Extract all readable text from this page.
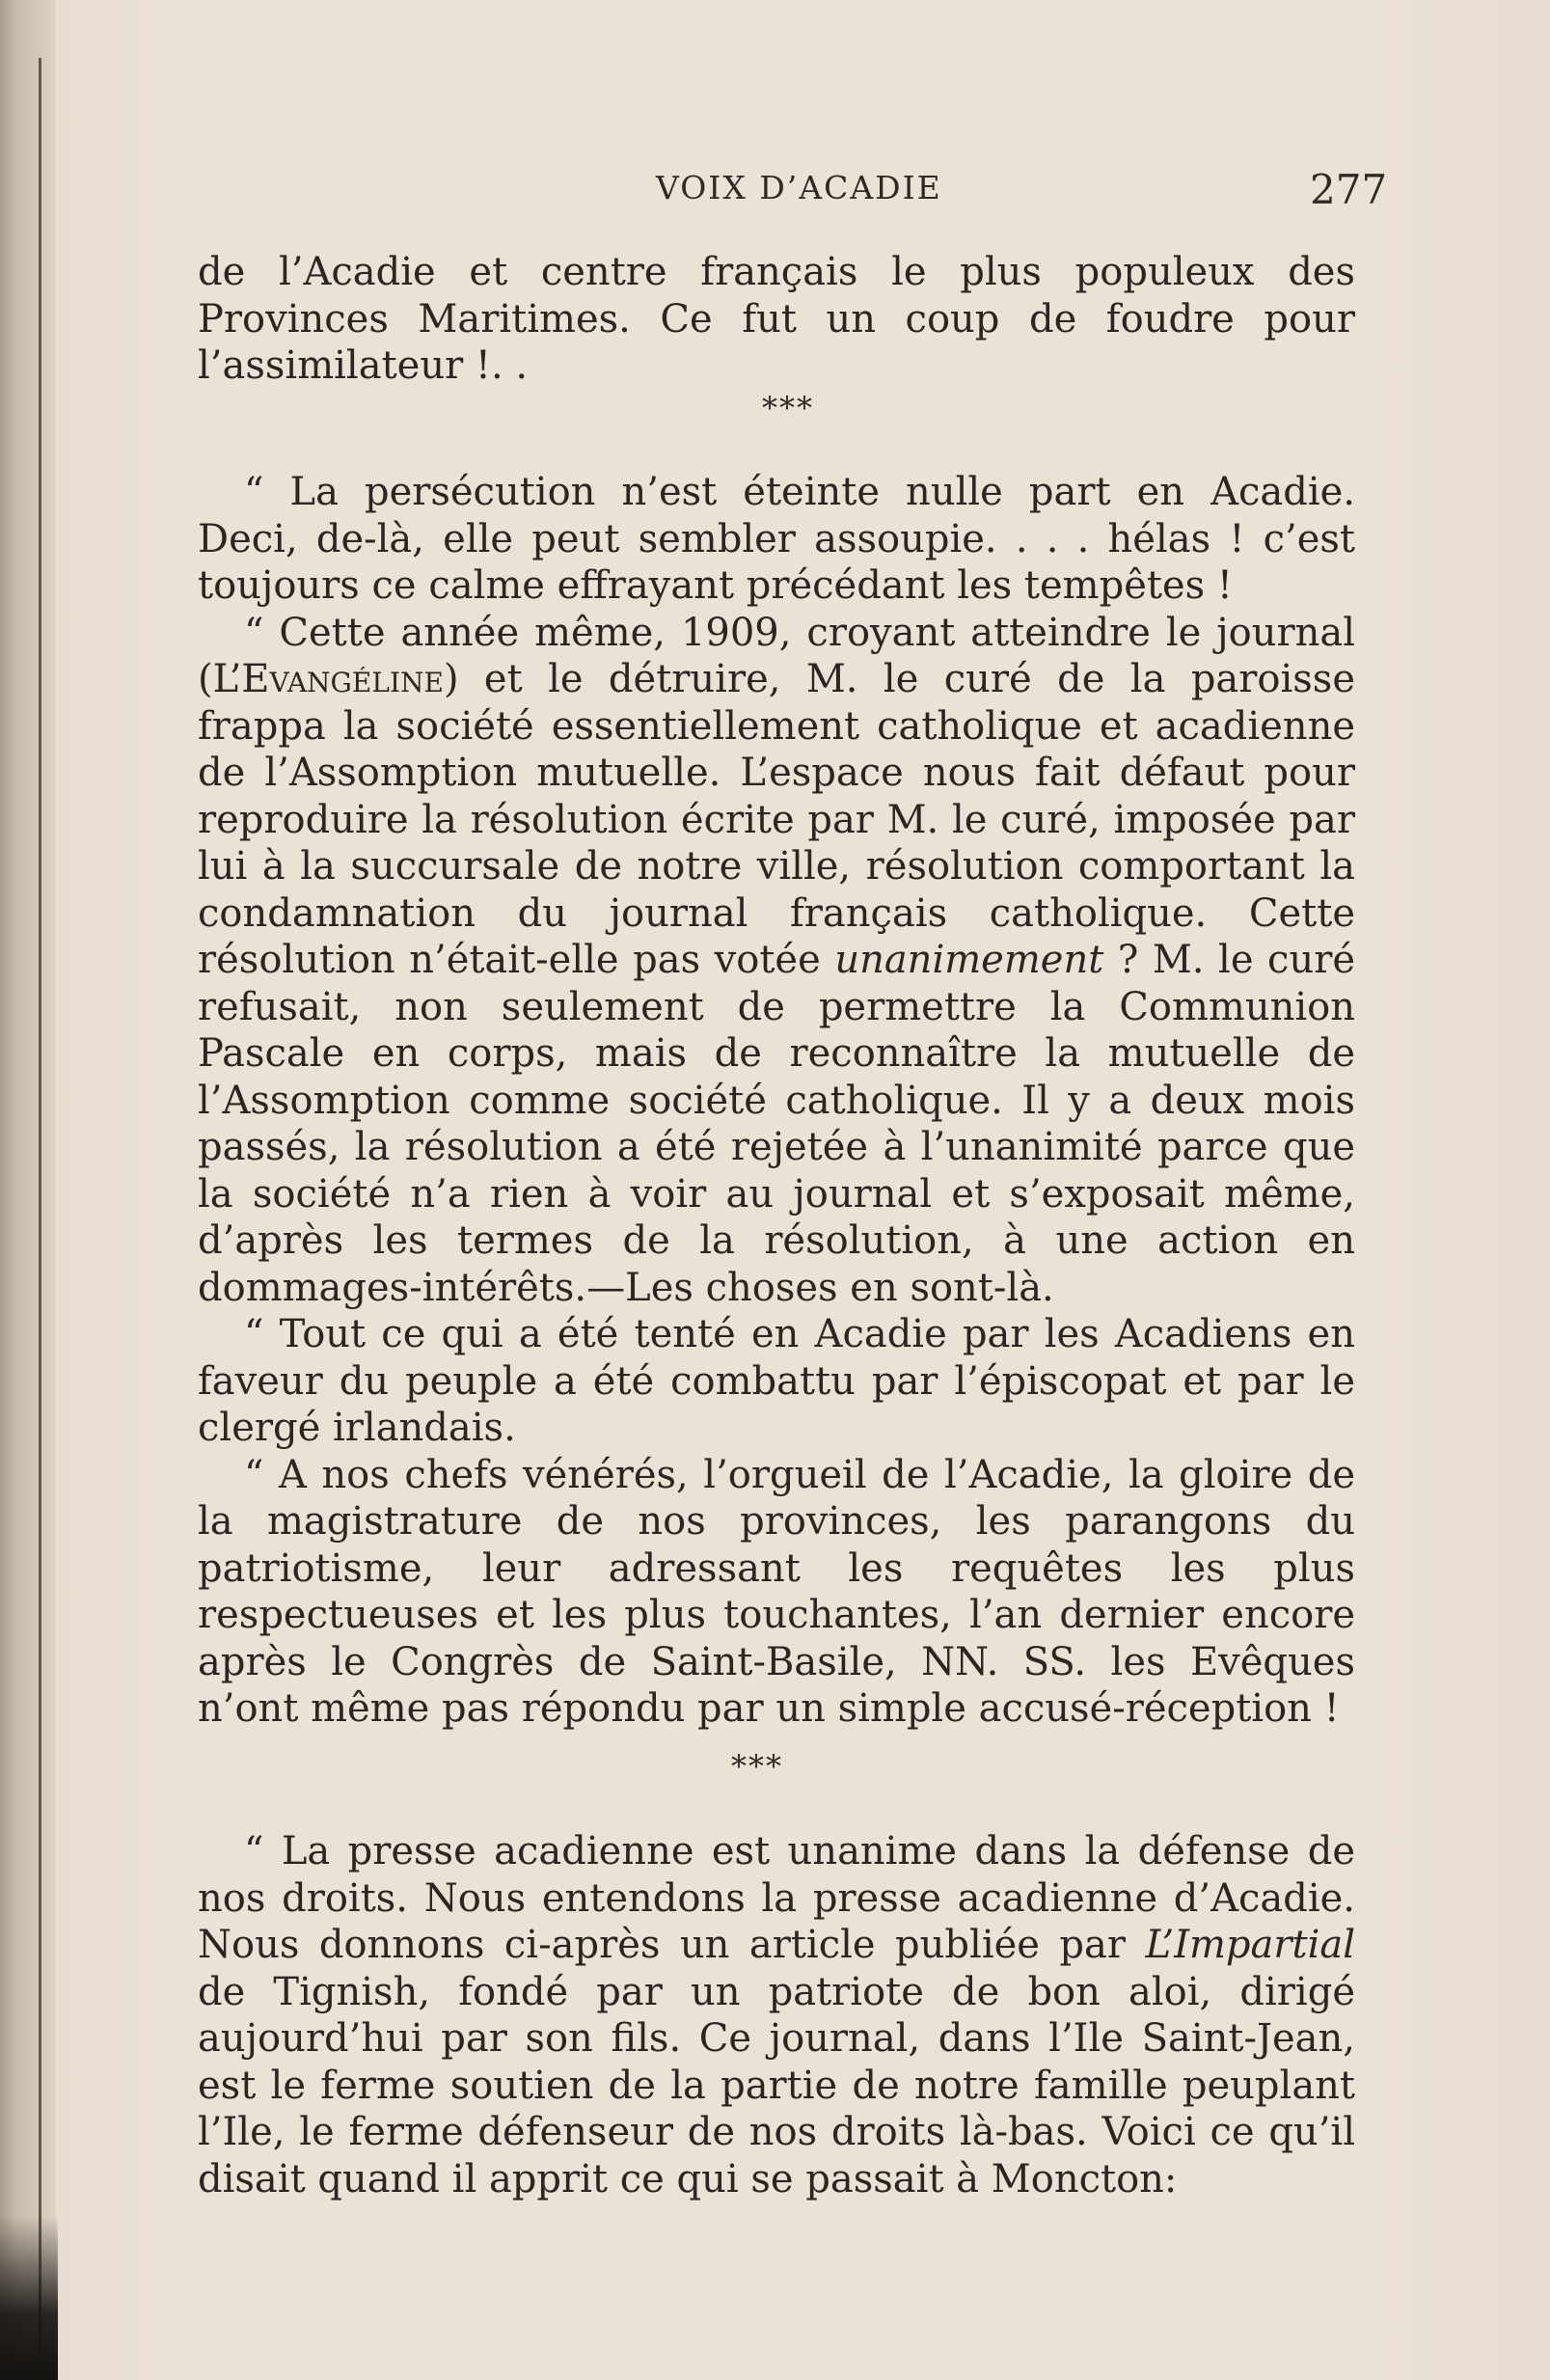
VOIX D’ACADIE	277

de l’Acadie et centre français le plus populeux des Provinces Maritimes. Ce fut un coup de foudre pour l’assimilateur !. .

***

“ La persécution n’est éteinte nulle part en Acadie. Deci, de-là, elle peut sembler assoupie. . . . hélas ! c’est toujours ce calme effrayant précédant les tempêtes !

“ Cette année même, 1909, croyant atteindre le journal (L’Evangéline) et le détruire, M. le curé de la paroisse frappa la société essentiellement catholique et acadienne de l’Assomption mutuelle. L’espace nous fait défaut pour reproduire la résolution écrite par M. le curé, imposée par lui à la succursale de notre ville, résolution comportant la condamnation du journal français catholique. Cette résolution n’était-elle pas votée unanimement ? M. le curé refusait, non seulement de permettre la Communion Pascale en corps, mais de reconnaître la mutuelle de l’Assomption comme société catholique. Il y a deux mois passés, la résolution a été rejetée à l’unanimité parce que la société n’a rien à voir au journal et s’exposait même, d’après les termes de la résolution, à une action en dommages-intérêts.—Les choses en sont-là.

“ Tout ce qui a été tenté en Acadie par les Acadiens en faveur du peuple a été combattu par l’épiscopat et par le clergé irlandais.

“ A nos chefs vénérés, l’orgueil de l’Acadie, la gloire de la magistrature de nos provinces, les parangons du patriotisme, leur adressant les requêtes les plus respectueuses et les plus touchantes, l’an dernier encore après le Congrès de Saint-Basile, NN. SS. les Evêques n’ont même pas répondu par un simple accusé-réception !

***

“ La presse acadienne est unanime dans la défense de nos droits. Nous entendons la presse acadienne d’Acadie. Nous donnons ci-après un article publiée par L’Impartial de Tignish, fondé par un patriote de bon aloi, dirigé aujourd’hui par son fils. Ce journal, dans l’Ile Saint-Jean, est le ferme soutien de la partie de notre famille peuplant l’Ile, le ferme défenseur de nos droits là-bas. Voici ce qu’il disait quand il apprit ce qui se passait à Moncton:
